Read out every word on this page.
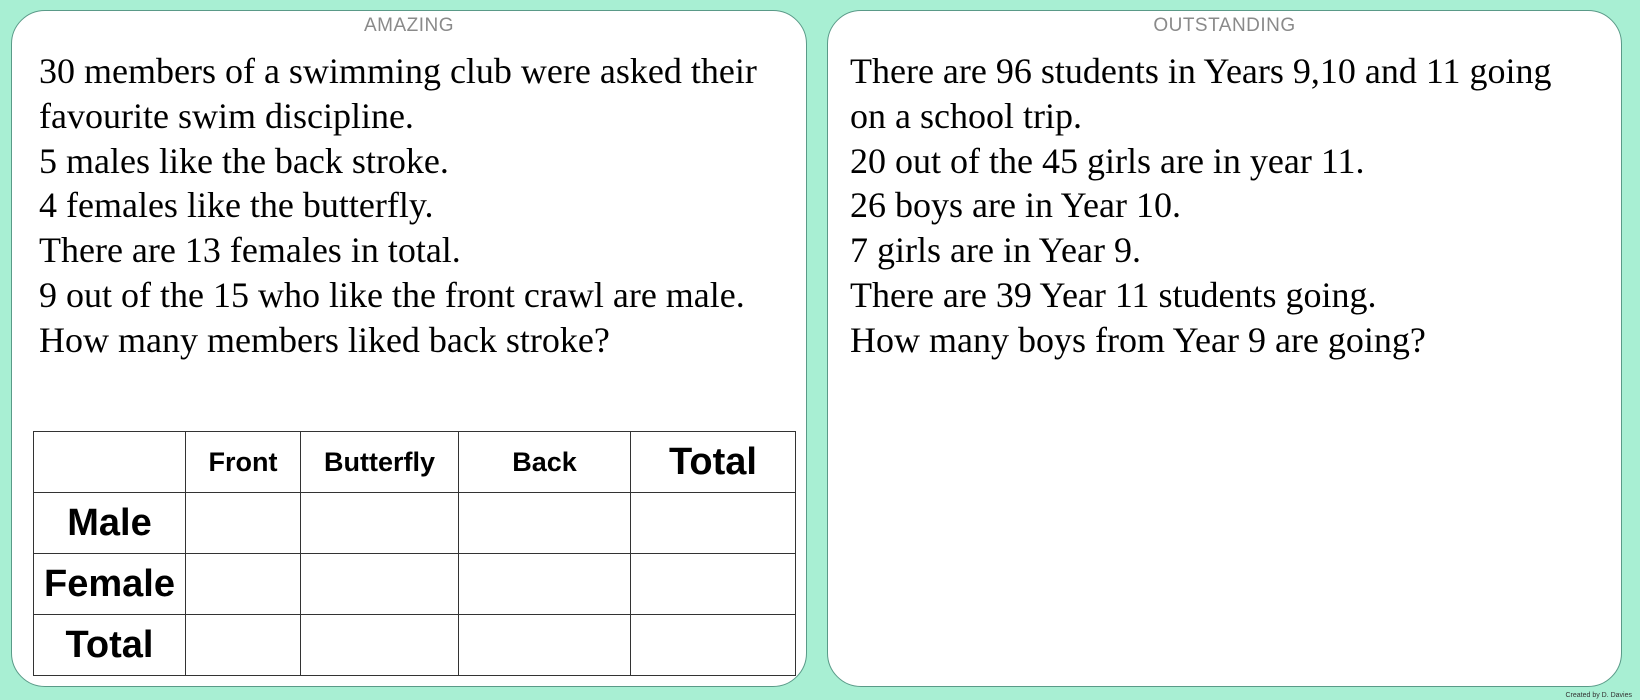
AMAZING
30 members of a swimming club were asked their
favourite swim discipline.
5 males like the back stroke.
4 females like the butterfly.
There are 13 females in total.
9 out of the 15 who like the front crawl are male.
How many members liked back stroke?
	Front	Butterfly	Back	Total
Male				
Female				
Total				
OUTSTANDING
There are 96 students in Years 9,10 and 11 going
on a school trip.
20 out of the 45 girls are in year 11.
26 boys are in Year 10.
7 girls are in Year 9.
There are 39 Year 11 students going.
How many boys from Year 9 are going?
Created by D. Davies
